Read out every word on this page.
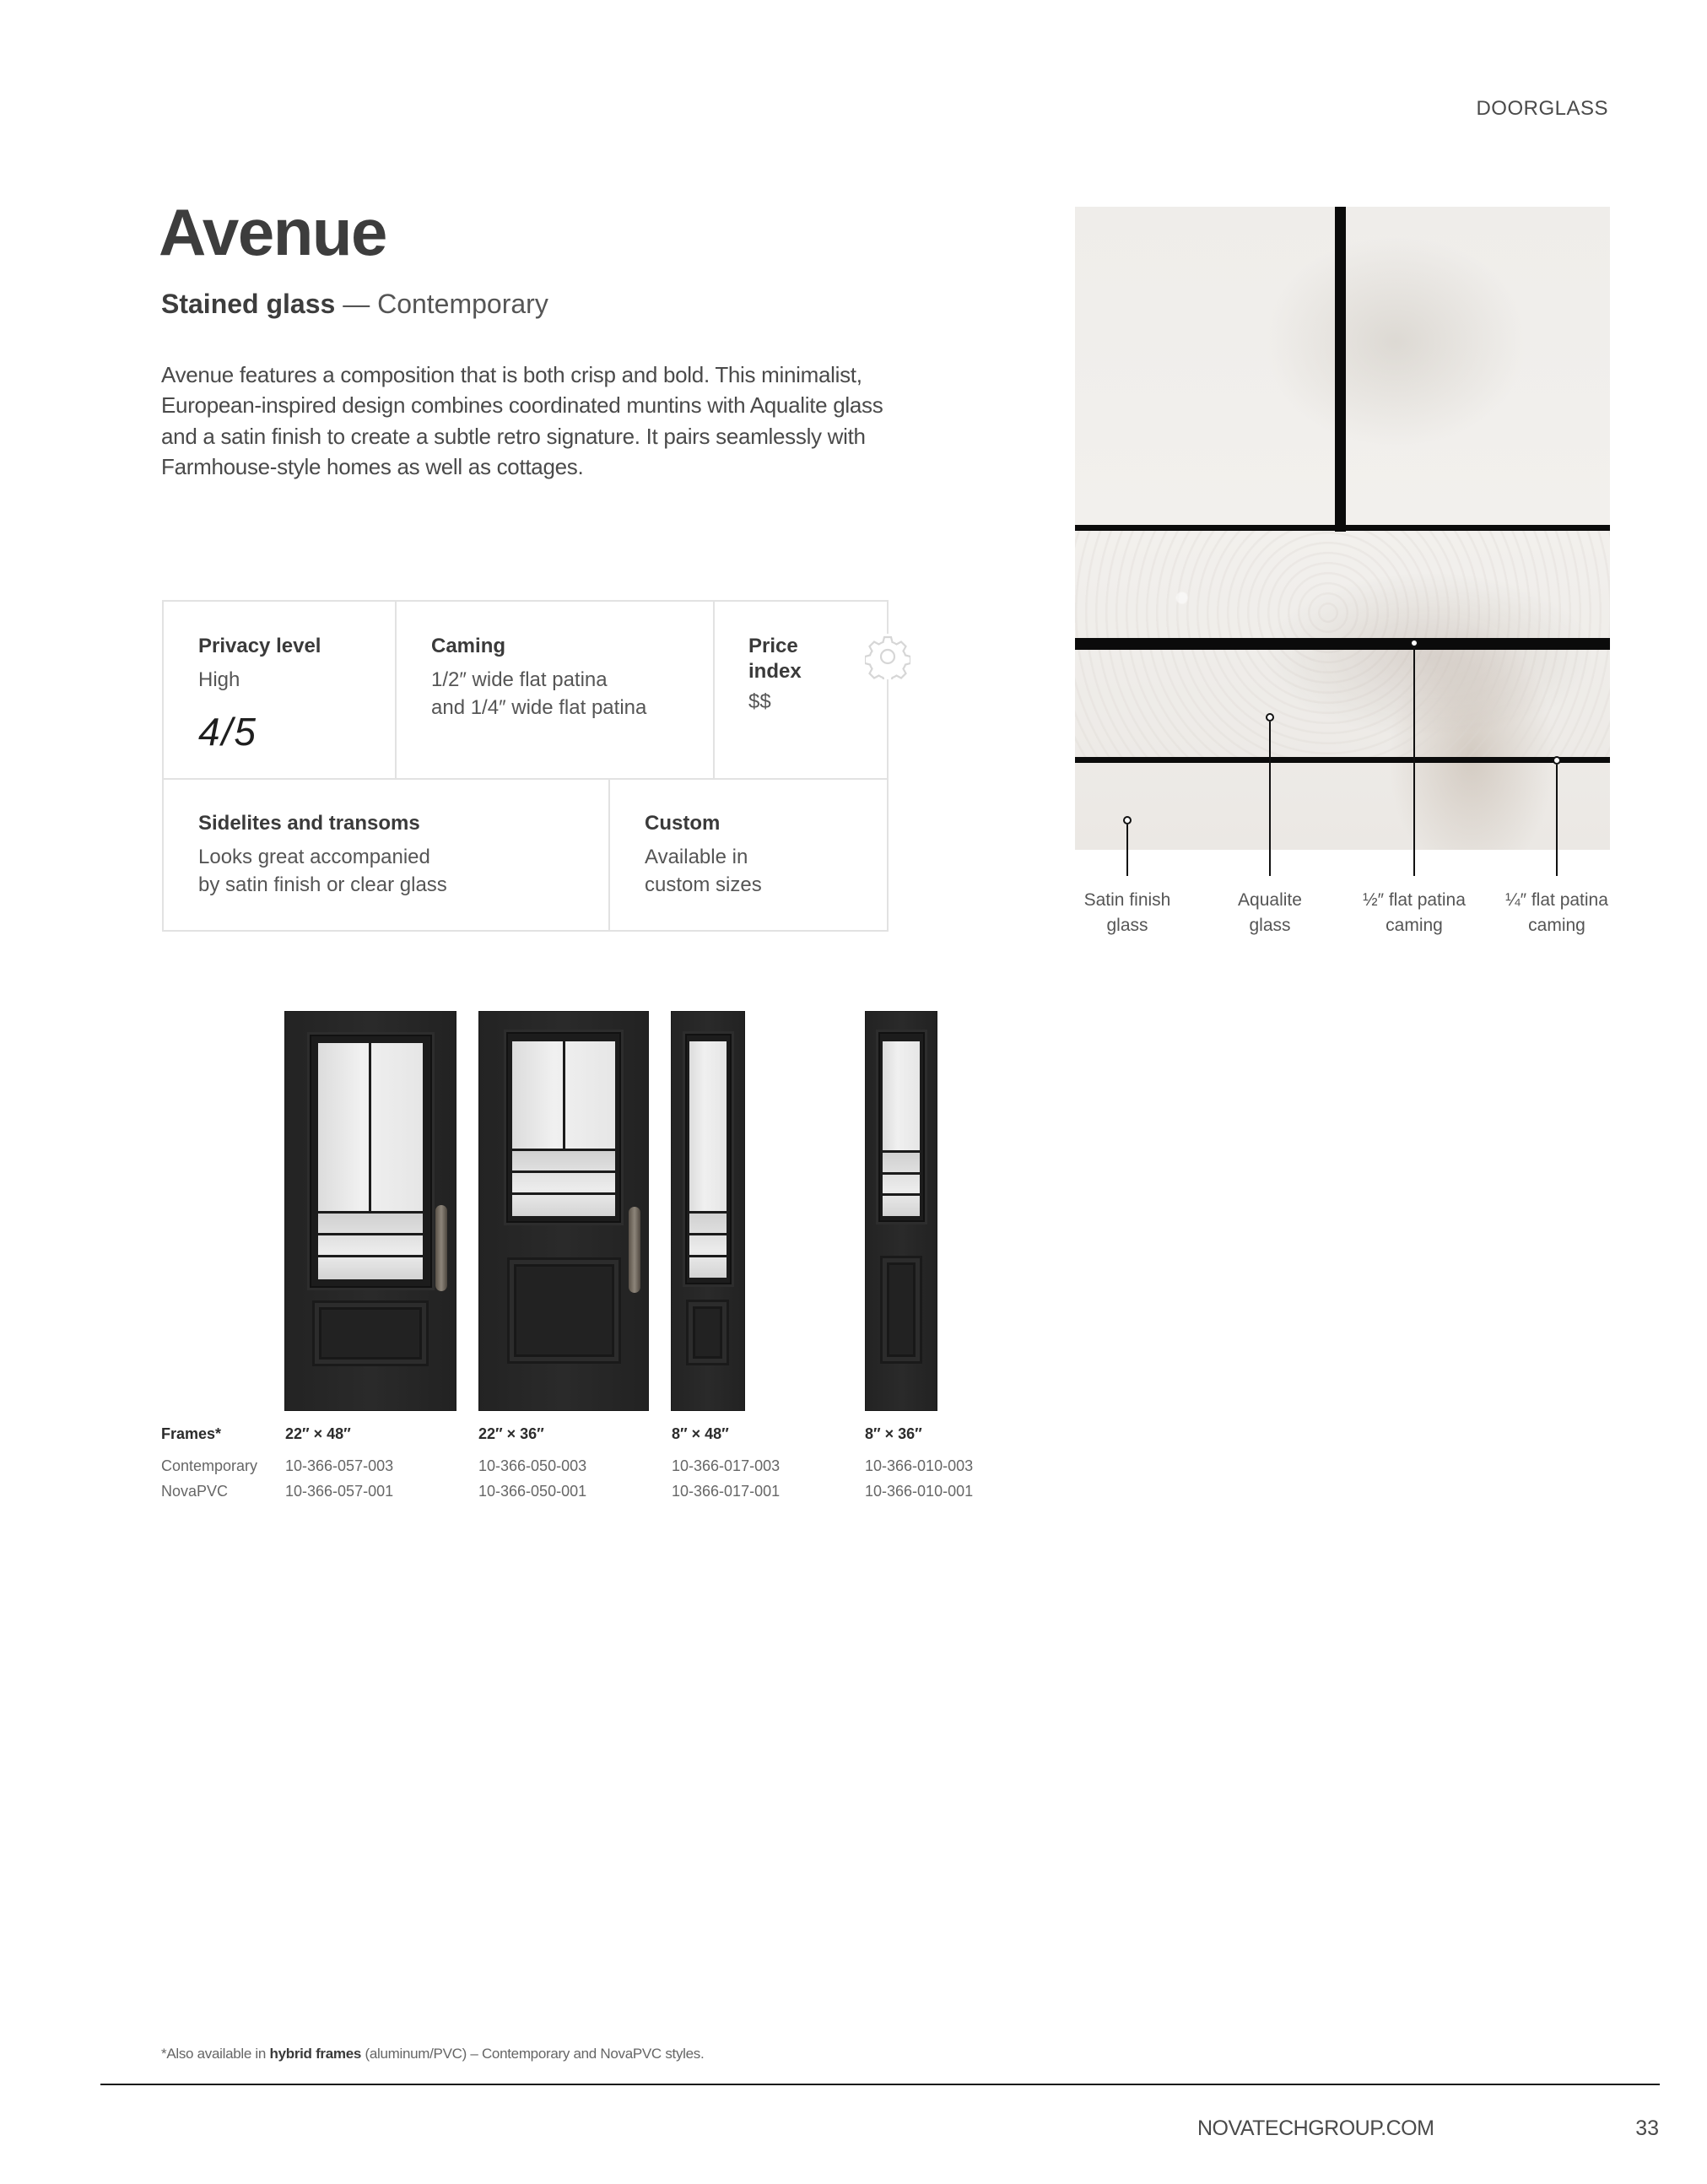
DOORGLASS
Avenue
Stained glass — Contemporary

Avenue features a composition that is both crisp and bold. This minimalist, European-inspired design combines coordinated muntins with Aqualite glass and a satin finish to create a subtle retro signature. It pairs seamlessly with Farmhouse-style homes as well as cottages.

Privacy level
High
4/5
Caming
1/2″ wide flat patina
and 1/4″ wide flat patina
Price
index
$$
Sidelites and transoms
Looks great accompanied
by satin finish or clear glass
Custom
Available in
custom sizes
Satin finish
glass
Aqualite
glass
½″ flat patina
caming
¼″ flat patina
caming
Frames*
Contemporary
NovaPVC
22″ × 48″
10-366-057-003
10-366-057-001
22″ × 36″
10-366-050-003
10-366-050-001
8″ × 48″
10-366-017-003
10-366-017-001
8″ × 36″
10-366-010-003
10-366-010-001
*Also available in hybrid frames (aluminum/PVC) – Contemporary and NovaPVC styles.
NOVATECHGROUP.COM	33
